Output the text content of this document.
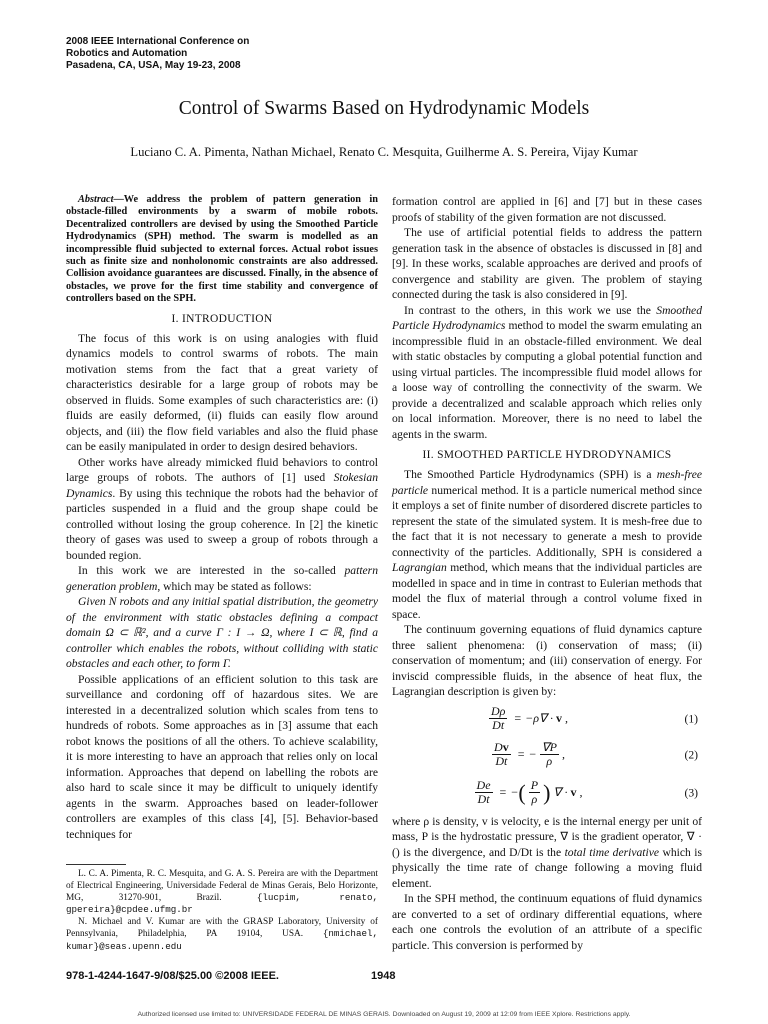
2008 IEEE International Conference on
Robotics and Automation
Pasadena, CA, USA, May 19-23, 2008
Control of Swarms Based on Hydrodynamic Models
Luciano C. A. Pimenta, Nathan Michael, Renato C. Mesquita, Guilherme A. S. Pereira, Vijay Kumar

Abstract—We address the problem of pattern generation in obstacle-filled environments by a swarm of mobile robots. Decentralized controllers are devised by using the Smoothed Particle Hydrodynamics (SPH) method. The swarm is modelled as an incompressible fluid subjected to external forces. Actual robot issues such as finite size and nonholonomic constraints are also addressed. Collision avoidance guarantees are discussed. Finally, in the absence of obstacles, we prove for the first time stability and convergence of controllers based on the SPH.

I. INTRODUCTION

The focus of this work is on using analogies with fluid dynamics models to control swarms of robots. The main motivation stems from the fact that a great variety of characteristics desirable for a large group of robots may be observed in fluids. Some examples of such characteristics are: (i) fluids are easily deformed, (ii) fluids can easily flow around objects, and (iii) the flow field variables and also the fluid phase can be easily manipulated in order to design desired behaviors.

Other works have already mimicked fluid behaviors to control large groups of robots. The authors of [1] used Stokesian Dynamics. By using this technique the robots had the behavior of particles suspended in a fluid and the group shape could be controlled without losing the group coherence. In [2] the kinetic theory of gases was used to sweep a group of robots through a bounded region.

In this work we are interested in the so-called pattern generation problem, which may be stated as follows:

Given N robots and any initial spatial distribution, the geometry of the environment with static obstacles defining a compact domain Ω ⊂ ℝ², and a curve Γ : I → Ω, where I ⊂ ℝ, find a controller which enables the robots, without colliding with static obstacles and each other, to form Γ.

Possible applications of an efficient solution to this task are surveillance and cordoning off of hazardous sites. We are interested in a decentralized solution which scales from tens to hundreds of robots. Some approaches as in [3] assume that each robot knows the positions of all the others. To achieve scalability, it is more interesting to have an approach that relies only on local information. Approaches that depend on labelling the robots are also hard to scale since it may be difficult to uniquely identify agents in the swarm. Approaches based on leader-follower controllers are examples of this class [4], [5]. Behavior-based techniques for

L. C. A. Pimenta, R. C. Mesquita, and G. A. S. Pereira are with the Department of Electrical Engineering, Universidade Federal de Minas Gerais, Belo Horizonte, MG, 31270-901, Brazil. {lucpim, renato, gpereira}@cpdee.ufmg.br

N. Michael and V. Kumar are with the GRASP Laboratory, University of Pennsylvania, Philadelphia, PA 19104, USA. {nmichael, kumar}@seas.upenn.edu

formation control are applied in [6] and [7] but in these cases proofs of stability of the given formation are not discussed.

The use of artificial potential fields to address the pattern generation task in the absence of obstacles is discussed in [8] and [9]. In these works, scalable approaches are derived and proofs of convergence and stability are given. The problem of staying connected during the task is also considered in [9].

In contrast to the others, in this work we use the Smoothed Particle Hydrodynamics method to model the swarm emulating an incompressible fluid in an obstacle-filled environment. We deal with static obstacles by computing a global potential function and using virtual particles. The incompressible fluid model allows for a loose way of controlling the connectivity of the swarm. We provide a decentralized and scalable approach which relies only on local information. Moreover, there is no need to label the agents in the swarm.

II. SMOOTHED PARTICLE HYDRODYNAMICS

The Smoothed Particle Hydrodynamics (SPH) is a mesh-free particle numerical method. It is a particle numerical method since it employs a set of finite number of disordered discrete particles to represent the state of the simulated system. It is mesh-free due to the fact that it is not necessary to generate a mesh to provide connectivity of the particles. Additionally, SPH is considered a Lagrangian method, which means that the individual particles are modelled in space and in time in contrast to Eulerian methods that model the flux of material through a control volume fixed in space.

The continuum governing equations of fluid dynamics capture three salient phenomena: (i) conservation of mass; (ii) conservation of momentum; and (iii) conservation of energy. For inviscid compressible fluids, in the absence of heat flux, the Lagrangian description is given by:

$\frac{D\rho}{Dt} = -\rho\nabla \cdot v$ ,	(1)
$\frac{Dv}{Dt}$ = − $\frac{\nabla P}{\rho}$ ,	(2)
$\frac{De}{Dt}$ = − ( $\frac{P}{\rho}$ ) ∇ · v ,	(3)

where ρ is density, v is velocity, e is the internal energy per unit of mass, P is the hydrostatic pressure, ∇ is the gradient operator, ∇ · () is the divergence, and D/Dt is the total time derivative which is physically the time rate of change following a moving fluid element.

In the SPH method, the continuum equations of fluid dynamics are converted to a set of ordinary differential equations, where each one controls the evolution of an attribute of a specific particle. This conversion is performed by

978-1-4244-1647-9/08/$25.00 ©2008 IEEE.	1948
Authorized licensed use limited to: UNIVERSIDADE FEDERAL DE MINAS GERAIS. Downloaded on August 19, 2009 at 12:09 from IEEE Xplore. Restrictions apply.
